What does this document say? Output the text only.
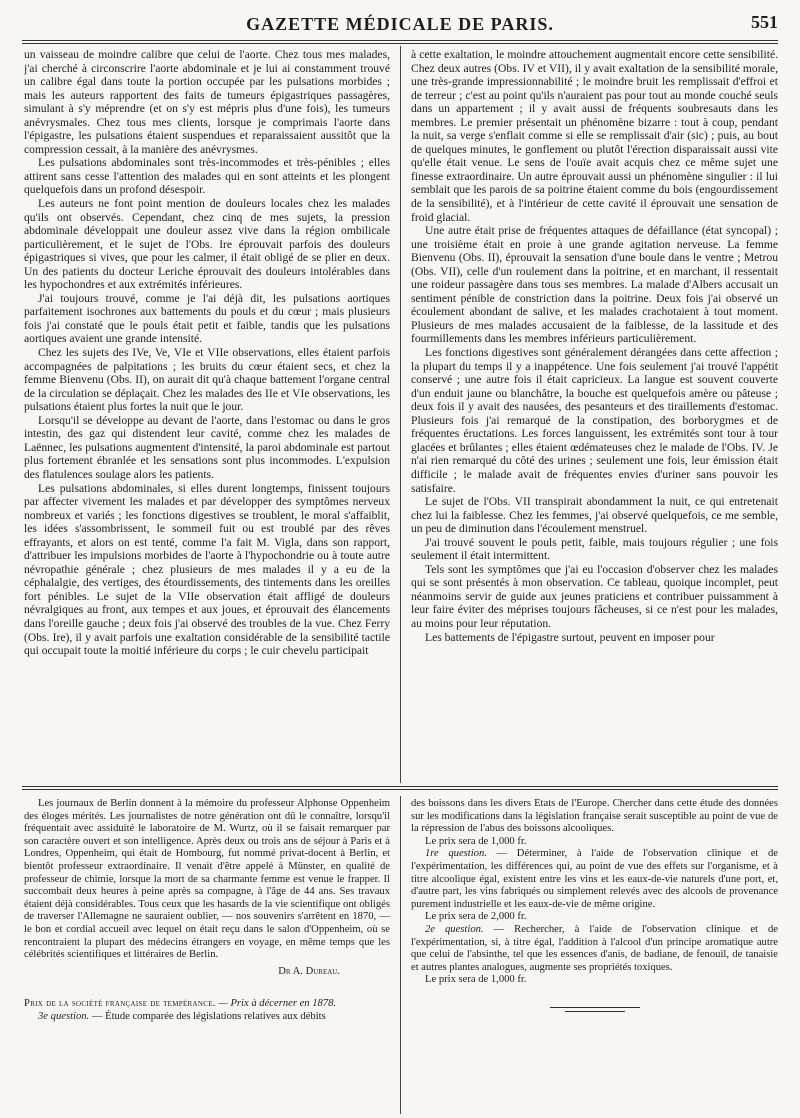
GAZETTE MÉDICALE DE PARIS.	551

un vaisseau de moindre calibre que celui de l'aorte. Chez tous mes malades, j'ai cherché à circonscrire l'aorte abdominale et je lui ai constamment trouvé un calibre égal dans toute la portion occupée par les pulsations morbides ; mais les auteurs rapportent des faits de tumeurs épigastriques passagères, simulant à s'y méprendre (et on s'y est mépris plus d'une fois), les tumeurs anévrysmales. Chez tous mes clients, lorsque je comprimais l'aorte dans l'épigastre, les pulsations étaient suspendues et reparaissaient aussitôt que la compression cessait, à la manière des anévrysmes.

Les pulsations abdominales sont très-incommodes et très-pénibles ; elles attirent sans cesse l'attention des malades qui en sont atteints et les plongent quelquefois dans un profond désespoir.

Les auteurs ne font point mention de douleurs locales chez les malades qu'ils ont observés. Cependant, chez cinq de mes sujets, la pression abdominale développait une douleur assez vive dans la région ombilicale particulièrement, et le sujet de l'Obs. Ire éprouvait parfois des douleurs épigastriques si vives, que pour les calmer, il était obligé de se plier en deux. Un des patients du docteur Leriche éprouvait des douleurs intolérables dans les hypochondres et aux extrémités inférieures.

J'ai toujours trouvé, comme je l'ai déjà dit, les pulsations aortiques parfaitement isochrones aux battements du pouls et du cœur ; mais plusieurs fois j'ai constaté que le pouls était petit et faible, tandis que les pulsations aortiques avaient une grande intensité.

Chez les sujets des IVe, Ve, VIe et VIIe observations, elles étaient parfois accompagnées de palpitations ; les bruits du cœur étaient secs, et chez la femme Bienvenu (Obs. II), on aurait dit qu'à chaque battement l'organe central de la circulation se déplaçait. Chez les malades des IIe et VIe observations, les pulsations étaient plus fortes la nuit que le jour.

Lorsqu'il se développe au devant de l'aorte, dans l'estomac ou dans le gros intestin, des gaz qui distendent leur cavité, comme chez les malades de Laënnec, les pulsations augmentent d'intensité, la paroi abdominale est partout plus fortement ébranlée et les sensations sont plus incommodes. L'expulsion des flatulences soulage alors les patients.

Les pulsations abdominales, si elles durent longtemps, finissent toujours par affecter vivement les malades et par développer des symptômes nerveux nombreux et variés ; les fonctions digestives se troublent, le moral s'affaiblit, les idées s'assombrissent, le sommeil fuit ou est troublé par des rêves effrayants, et alors on est tenté, comme l'a fait M. Vigla, dans son rapport, d'attribuer les impulsions morbides de l'aorte à l'hypochondrie ou à toute autre névropathie générale ; chez plusieurs de mes malades il y a eu de la céphalalgie, des vertiges, des étourdissements, des tintements dans les oreilles fort pénibles. Le sujet de la VIIe observation était affligé de douleurs névralgiques au front, aux tempes et aux joues, et éprouvait des élancements dans l'oreille gauche ; deux fois j'ai observé des troubles de la vue. Chez Ferry (Obs. Ire), il y avait parfois une exaltation considérable de la sensibilité tactile qui occupait toute la moitié inférieure du corps ; le cuir chevelu participait

à cette exaltation, le moindre attouchement augmentait encore cette sensibilité. Chez deux autres (Obs. IV et VII), il y avait exaltation de la sensibilité morale, une très-grande impressionnabilité ; le moindre bruit les remplissait d'effroi et de terreur ; c'est au point qu'ils n'auraient pas pour tout au monde couché seuls dans un appartement ; il y avait aussi de fréquents soubresauts dans les membres. Le premier présentait un phénomène bizarre : tout à coup, pendant la nuit, sa verge s'enflait comme si elle se remplissait d'air (sic) ; puis, au bout de quelques minutes, le gonflement ou plutôt l'érection disparaissait aussi vite qu'elle était venue. Le sens de l'ouïe avait acquis chez ce même sujet une finesse extraordinaire. Un autre éprouvait aussi un phénomène singulier : il lui semblait que les parois de sa poitrine étaient comme du bois (engourdissement de la sensibilité), et à l'intérieur de cette cavité il éprouvait une sensation de froid glacial.

Une autre était prise de fréquentes attaques de défaillance (état syncopal) ; une troisième était en proie à une grande agitation nerveuse. La femme Bienvenu (Obs. II), éprouvait la sensation d'une boule dans le ventre ; Metrou (Obs. VII), celle d'un roulement dans la poitrine, et en marchant, il ressentait une roideur passagère dans tous ses membres. La malade d'Albers accusait un sentiment pénible de constriction dans la poitrine. Deux fois j'ai observé un écoulement abondant de salive, et les malades crachotaient à tout moment. Plusieurs de mes malades accusaient de la faiblesse, de la lassitude et des fourmillements dans les membres inférieurs particulièrement.

Les fonctions digestives sont généralement dérangées dans cette affection ; la plupart du temps il y a inappétence. Une fois seulement j'ai trouvé l'appétit conservé ; une autre fois il était capricieux. La langue est souvent couverte d'un enduit jaune ou blanchâtre, la bouche est quelquefois amère ou pâteuse ; deux fois il y avait des nausées, des pesanteurs et des tiraillements d'estomac. Plusieurs fois j'ai remarqué de la constipation, des borborygmes et de fréquentes éructations. Les forces languissent, les extrémités sont tour à tour glacées et brûlantes ; elles étaient œdémateuses chez le malade de l'Obs. IV. Je n'ai rien remarqué du côté des urines ; seulement une fois, leur émission était difficile ; le malade avait de fréquentes envies d'uriner sans pouvoir les satisfaire.

Le sujet de l'Obs. VII transpirait abondamment la nuit, ce qui entretenait chez lui la faiblesse. Chez les femmes, j'ai observé quelquefois, ce me semble, un peu de diminution dans l'écoulement menstruel.

J'ai trouvé souvent le pouls petit, faible, mais toujours régulier ; une fois seulement il était intermittent.

Tels sont les symptômes que j'ai eu l'occasion d'observer chez les malades qui se sont présentés à mon observation. Ce tableau, quoique incomplet, peut néanmoins servir de guide aux jeunes praticiens et contribuer puissamment à leur faire éviter des méprises toujours fâcheuses, si ce n'est pour les malades, au moins pour leur réputation.

Les battements de l'épigastre surtout, peuvent en imposer pour

Les journaux de Berlin donnent à la mémoire du professeur Alphonse Oppenheim des éloges mérités. Les journalistes de notre génération ont dû le connaître, lorsqu'il fréquentait avec assiduité le laboratoire de M. Wurtz, où il se faisait remarquer par son caractère ouvert et son intelligence. Après deux ou trois ans de séjour à Paris et à Londres, Oppenheim, qui était de Hombourg, fut nommé privat-docent à Berlin, et bientôt professeur extraordinaire. Il venait d'être appelé à Münster, en qualité de professeur de chimie, lorsque la mort de sa charmante femme est venue le frapper. Il succombait deux heures à peine après sa compagne, à l'âge de 44 ans. Ses travaux étaient déjà considérables. Tous ceux que les hasards de la vie scientifique ont obligés de traverser l'Allemagne ne sauraient oublier, — nos souvenirs s'arrêtent en 1870, — le bon et cordial accueil avec lequel on était reçu dans le salon d'Oppenheim, où se rencontraient la plupart des médecins étrangers en voyage, en même temps que les célébrités scientifiques et littéraires de Berlin.

Dr A. Dureau.

Prix de la société française de tempérance. — Prix à décerner en 1878.

3e question. — Étude comparée des législations relatives aux débits

des boissons dans les divers États de l'Europe. Chercher dans cette étude des données sur les modifications dans la législation française serait susceptible au point de vue de la répression de l'abus des boissons alcooliques.

Le prix sera de 1,000 fr.

1re question. — Déterminer, à l'aide de l'observation clinique et de l'expérimentation, les différences qui, au point de vue des effets sur l'organisme, et à titre alcoolique égal, existent entre les vins et les eaux-de-vie naturels d'une port, et, d'autre part, les vins fabriqués ou simplement relevés avec des alcools de provenance purement industrielle et les eaux-de-vie de même origine.

Le prix sera de 2,000 fr.

2e question. — Rechercher, à l'aide de l'observation clinique et de l'expérimentation, si, à titre égal, l'addition à l'alcool d'un principe aromatique autre que celui de l'absinthe, tel que les essences d'anis, de badiane, de fenouil, de tanaisie et autres plantes analogues, augmente ses propriétés toxiques.

Le prix sera de 1,000 fr.
